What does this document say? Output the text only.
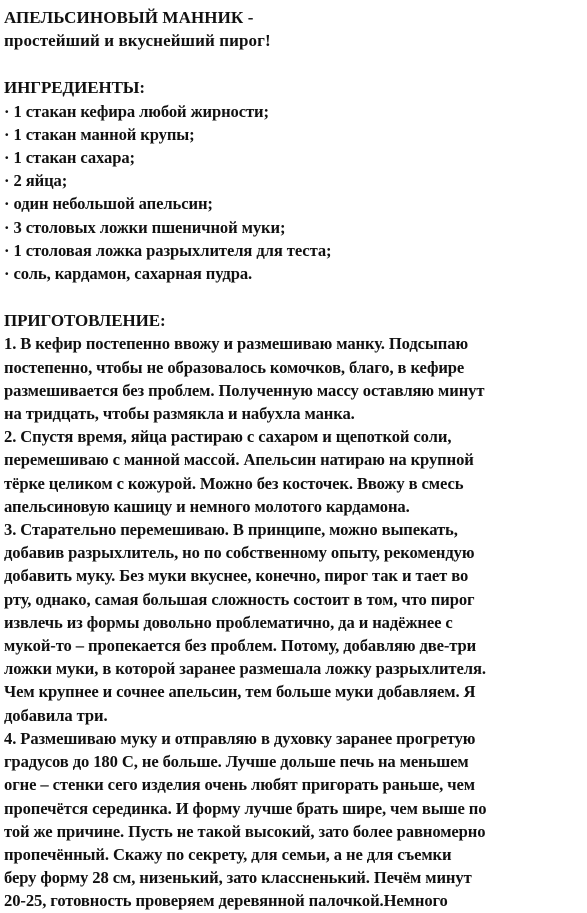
АПЕЛЬСИНОВЫЙ МАННИК -
простейший и вкуснейший пирог!
ИНГРЕДИЕНТЫ:
· 1 стакан кефира любой жирности;
· 1 стакан манной крупы;
· 1 стакан сахара;
· 2 яйца;
· один небольшой апельсин;
· 3 столовых ложки пшеничной муки;
· 1 столовая ложка разрыхлителя для теста;
· соль, кардамон, сахарная пудра.
ПРИГОТОВЛЕНИЕ:
1. В кефир постепенно ввожу и размешиваю манку. Подсыпаю
постепенно, чтобы не образовалось комочков, благо, в кефире
размешивается без проблем. Полученную массу оставляю минут
на тридцать, чтобы размякла и набухла манка.
2. Спустя время, яйца растираю с сахаром и щепоткой соли,
перемешиваю с манной массой. Апельсин натираю на крупной
тёрке целиком с кожурой. Можно без косточек. Ввожу в смесь
апельсиновую кашицу и немного молотого кардамона.
3. Старательно перемешиваю. В принципе, можно выпекать,
добавив разрыхлитель, но по собственному опыту, рекомендую
добавить муку. Без муки вкуснее, конечно, пирог так и тает во
рту, однако, самая большая сложность состоит в том, что пирог
извлечь из формы довольно проблематично, да и надёжнее с
мукой-то – пропекается без проблем. Потому, добавляю две-три
ложки муки, в которой заранее размешала ложку разрыхлителя.
Чем крупнее и сочнее апельсин, тем больше муки добавляем. Я
добавила три.
4. Размешиваю муку и отправляю в духовку заранее прогретую
градусов до 180 С, не больше. Лучше дольше печь на меньшем
огне – стенки сего изделия очень любят пригорать раньше, чем
пропечётся серединка. И форму лучше брать шире, чем выше по
той же причине. Пусть не такой высокий, зато более равномерно
пропечённый. Скажу по секрету, для семьи, а не для съемки
беру форму 28 см, низенький, зато классненький. Печём минут
20-25, готовность проверяем деревянной палочкой.Немного
